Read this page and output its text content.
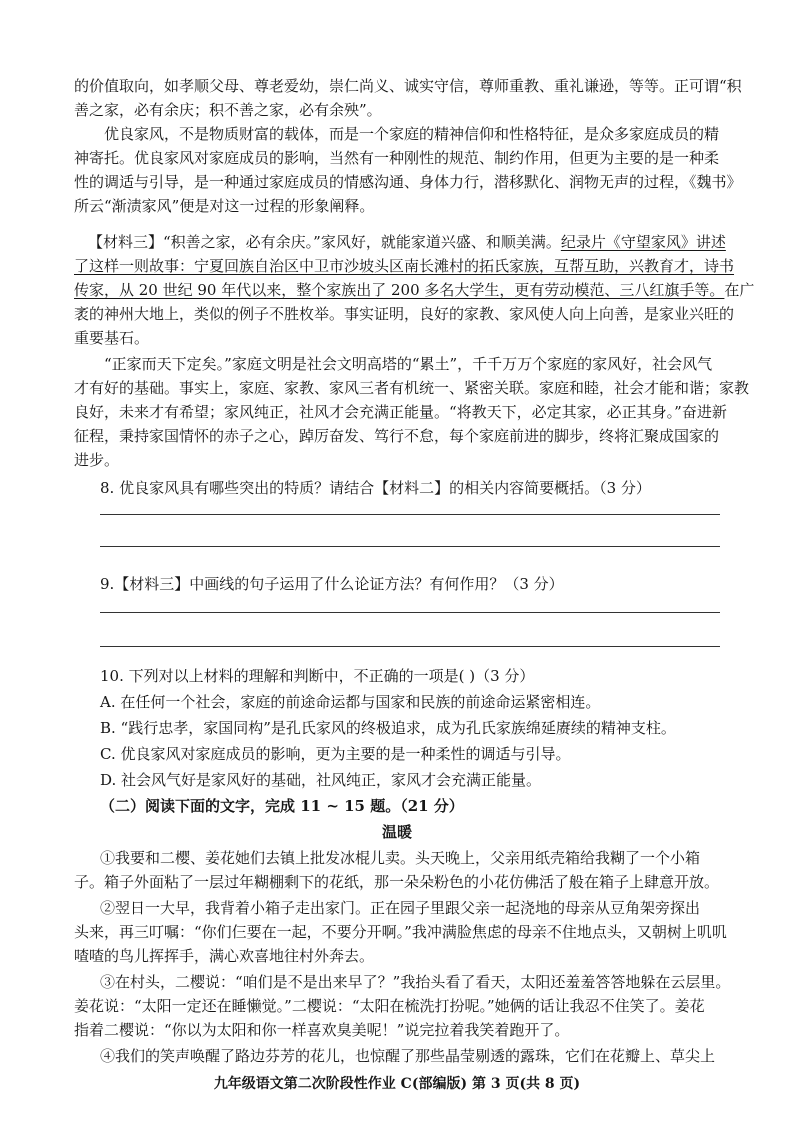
的价值取向，如孝顺父母、尊老爱幼，崇仁尚义、诚实守信，尊师重教、重礼谦逊，等等。正可谓“积
善之家，必有余庆；积不善之家，必有余殃”。
优良家风，不是物质财富的载体，而是一个家庭的精神信仰和性格特征，是众多家庭成员的精
神寄托。优良家风对家庭成员的影响，当然有一种刚性的规范、制约作用，但更为主要的是一种柔
性的调适与引导，是一种通过家庭成员的情感沟通、身体力行，潜移默化、润物无声的过程，《魏书》
所云“渐渍家风”便是对这一过程的形象阐释。
【材料三】“积善之家，必有余庆。”家风好，就能家道兴盛、和顺美满。纪录片《守望家风》讲述
了这样一则故事：宁夏回族自治区中卫市沙坡头区南长滩村的拓氏家族，互帮互助，兴教育才，诗书
传家，从 20 世纪 90 年代以来，整个家族出了 200 多名大学生，更有劳动模范、三八红旗手等。在广
袤的神州大地上，类似的例子不胜枚举。事实证明，良好的家教、家风使人向上向善，是家业兴旺的
重要基石。
“正家而天下定矣。”家庭文明是社会文明高塔的“累土”，千千万万个家庭的家风好，社会风气
才有好的基础。事实上，家庭、家教、家风三者有机统一、紧密关联。家庭和睦，社会才能和谐；家教
良好，未来才有希望；家风纯正，社风才会充满正能量。“将教天下，必定其家，必正其身。”奋进新
征程，秉持家国情怀的赤子之心，踔厉奋发、笃行不怠，每个家庭前进的脚步，终将汇聚成国家的
进步。
8. 优良家风具有哪些突出的特质？请结合【材料二】的相关内容简要概括。（3 分）
9.【材料三】中画线的句子运用了什么论证方法？有何作用？（3 分）
10. 下列对以上材料的理解和判断中，不正确的一项是( )（3 分）
A. 在任何一个社会，家庭的前途命运都与国家和民族的前途命运紧密相连。
B. “践行忠孝，家国同构”是孔氏家风的终极追求，成为孔氏家族绵延赓续的精神支柱。
C. 优良家风对家庭成员的影响，更为主要的是一种柔性的调适与引导。
D. 社会风气好是家风好的基础，社风纯正，家风才会充满正能量。
（二）阅读下面的文字，完成 11 ~ 15 题。（21 分）
温暖
①我要和二樱、姜花她们去镇上批发冰棍儿卖。头天晚上，父亲用纸壳箱给我糊了一个小箱
子。箱子外面粘了一层过年糊棚剩下的花纸，那一朵朵粉色的小花仿佛活了般在箱子上肆意开放。
②翌日一大早，我背着小箱子走出家门。正在园子里跟父亲一起浇地的母亲从豆角架旁探出
头来，再三叮嘱：“你们仨要在一起，不要分开啊。”我冲满脸焦虑的母亲不住地点头，又朝树上叽叽
喳喳的鸟儿挥挥手，满心欢喜地往村外奔去。
③在村头，二樱说：“咱们是不是出来早了？”我抬头看了看天，太阳还羞羞答答地躲在云层里。
姜花说：“太阳一定还在睡懒觉。”二樱说：“太阳在梳洗打扮呢。”她俩的话让我忍不住笑了。姜花
指着二樱说：“你以为太阳和你一样喜欢臭美呢！”说完拉着我笑着跑开了。
④我们的笑声唤醒了路边芬芳的花儿，也惊醒了那些晶莹剔透的露珠，它们在花瓣上、草尖上
九年级语文第二次阶段性作业 C(部编版) 第 3 页(共 8 页)
